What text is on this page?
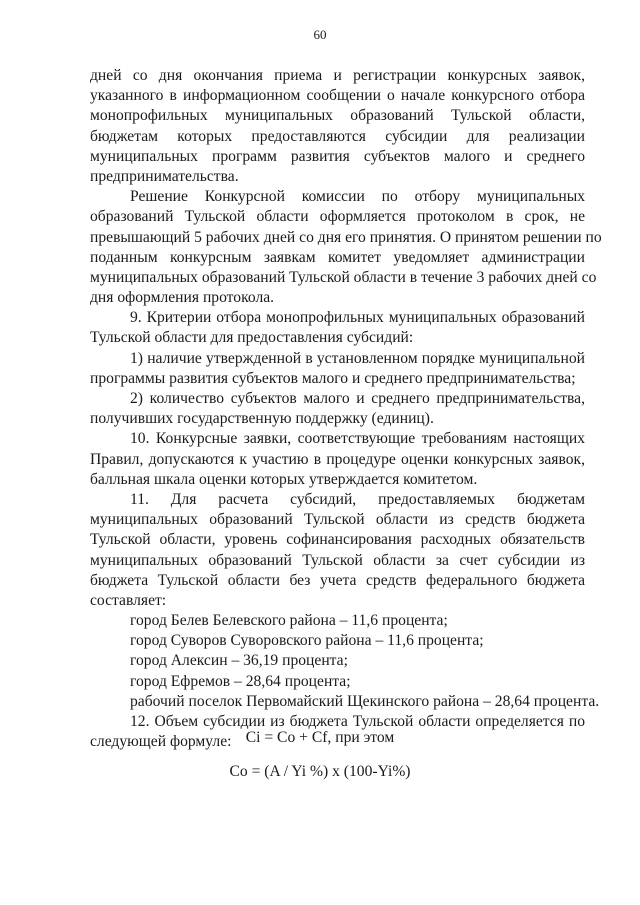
60
дней со дня окончания приема и регистрации конкурсных заявок,
указанного в информационном сообщении о начале конкурсного отбора
монопрофильных муниципальных образований Тульской области,
бюджетам которых предоставляются субсидии для реализации
муниципальных программ развития субъектов малого и среднего
предпринимательства.
Решение Конкурсной комиссии по отбору муниципальных
образований Тульской области оформляется протоколом в срок, не
превышающий 5 рабочих дней со дня его принятия. О принятом решении по
поданным конкурсным заявкам комитет уведомляет администрации
муниципальных образований Тульской области в течение 3 рабочих дней со
дня оформления протокола.
9. Критерии отбора монопрофильных муниципальных образований
Тульской области для предоставления субсидий:
1) наличие утвержденной в установленном порядке муниципальной
программы развития субъектов малого и среднего предпринимательства;
2) количество субъектов малого и среднего предпринимательства,
получивших государственную поддержку (единиц).
10. Конкурсные заявки, соответствующие требованиям настоящих
Правил, допускаются к участию в процедуре оценки конкурсных заявок,
балльная шкала оценки которых утверждается комитетом.
11. Для расчета субсидий, предоставляемых бюджетам
муниципальных образований Тульской области из средств бюджета
Тульской области, уровень софинансирования расходных обязательств
муниципальных образований Тульской области за счет субсидии из
бюджета Тульской области без учета средств федерального бюджета
составляет:
город Белев Белевского района – 11,6 процента;
город Суворов Суворовского района – 11,6 процента;
город Алексин – 36,19 процента;
город Ефремов – 28,64 процента;
рабочий поселок Первомайский Щекинского района – 28,64 процента.
12. Объем субсидии из бюджета Тульской области определяется по
следующей формуле: Ci = Co + Cf, при этом
Co = (A / Yi %) x (100-Yi%)
